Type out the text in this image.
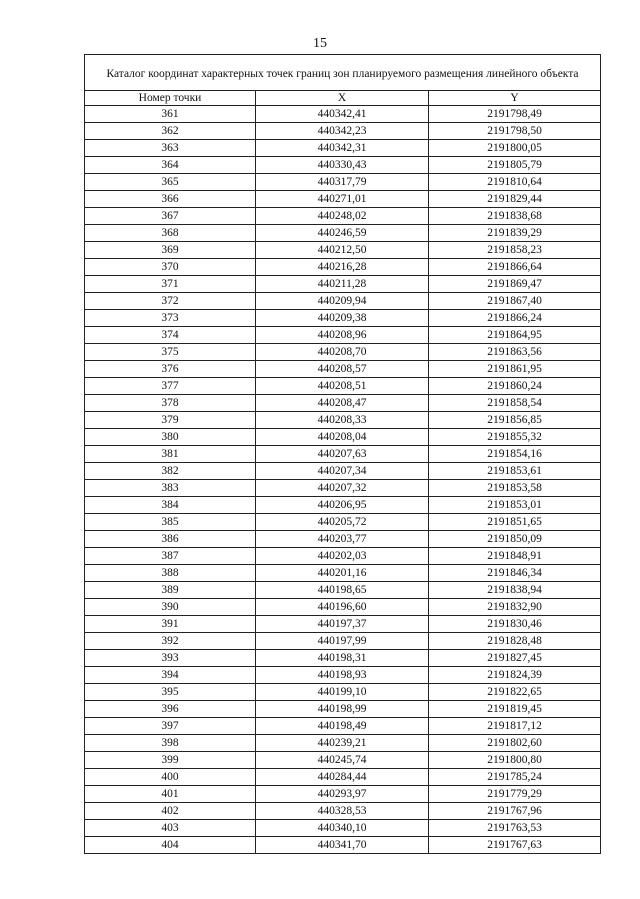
15
Каталог координат характерных точек границ зон планируемого размещения линейного объекта		
Номер точки	X	Y
361	440342,41	2191798,49
362	440342,23	2191798,50
363	440342,31	2191800,05
364	440330,43	2191805,79
365	440317,79	2191810,64
366	440271,01	2191829,44
367	440248,02	2191838,68
368	440246,59	2191839,29
369	440212,50	2191858,23
370	440216,28	2191866,64
371	440211,28	2191869,47
372	440209,94	2191867,40
373	440209,38	2191866,24
374	440208,96	2191864,95
375	440208,70	2191863,56
376	440208,57	2191861,95
377	440208,51	2191860,24
378	440208,47	2191858,54
379	440208,33	2191856,85
380	440208,04	2191855,32
381	440207,63	2191854,16
382	440207,34	2191853,61
383	440207,32	2191853,58
384	440206,95	2191853,01
385	440205,72	2191851,65
386	440203,77	2191850,09
387	440202,03	2191848,91
388	440201,16	2191846,34
389	440198,65	2191838,94
390	440196,60	2191832,90
391	440197,37	2191830,46
392	440197,99	2191828,48
393	440198,31	2191827,45
394	440198,93	2191824,39
395	440199,10	2191822,65
396	440198,99	2191819,45
397	440198,49	2191817,12
398	440239,21	2191802,60
399	440245,74	2191800,80
400	440284,44	2191785,24
401	440293,97	2191779,29
402	440328,53	2191767,96
403	440340,10	2191763,53
404	440341,70	2191767,63
